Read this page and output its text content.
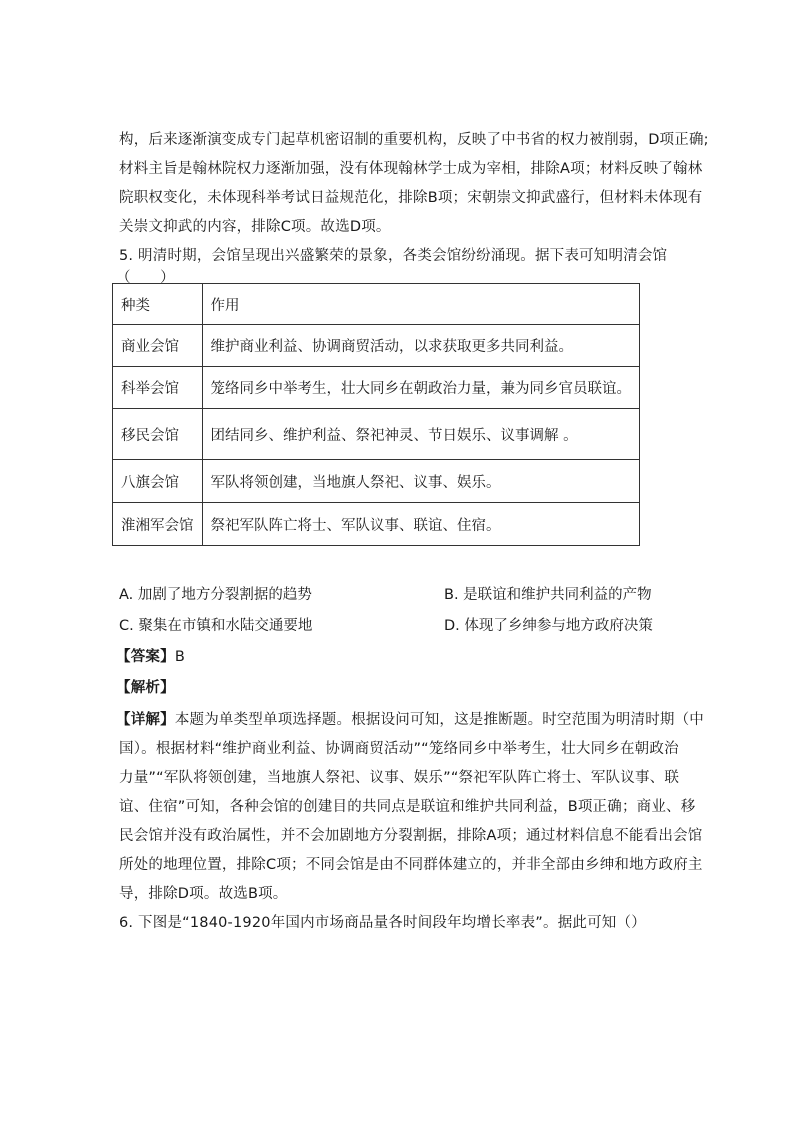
构，后来逐渐演变成专门起草机密诏制的重要机构，反映了中书省的权力被削弱，D项正确;
材料主旨是翰林院权力逐渐加强，没有体现翰林学士成为宰相，排除A项；材料反映了翰林
院职权变化，未体现科举考试日益规范化，排除B项；宋朝崇文抑武盛行，但材料未体现有
关崇文抑武的内容，排除C项。故选D项。
5. 明清时期，会馆呈现出兴盛繁荣的景象，各类会馆纷纷涌现。据下表可知明清会馆
（　　）
种类	作用
商业会馆	维护商业利益、协调商贸活动，以求获取更多共同利益。
科举会馆	笼络同乡中举考生，壮大同乡在朝政治力量，兼为同乡官员联谊。
移民会馆	团结同乡、维护利益、祭祀神灵、节日娱乐、议事调解 。
八旗会馆	军队将领创建，当地旗人祭祀、议事、娱乐。
淮湘军会馆	祭祀军队阵亡将士、军队议事、联谊、住宿。
A. 加剧了地方分裂割据的趋势	B. 是联谊和维护共同利益的产物
C. 聚集在市镇和水陆交通要地	D. 体现了乡绅参与地方政府决策
【答案】B
【解析】
【详解】本题为单类型单项选择题。根据设问可知，这是推断题。时空范围为明清时期（中
国）。根据材料“维护商业利益、协调商贸活动”“笼络同乡中举考生，壮大同乡在朝政治
力量”“军队将领创建，当地旗人祭祀、议事、娱乐”“祭祀军队阵亡将士、军队议事、联
谊、住宿”可知，各种会馆的创建目的共同点是联谊和维护共同利益，B项正确；商业、移
民会馆并没有政治属性，并不会加剧地方分裂割据，排除A项；通过材料信息不能看出会馆
所处的地理位置，排除C项；不同会馆是由不同群体建立的，并非全部由乡绅和地方政府主
导，排除D项。故选B项。
6. 下图是“1840-1920年国内市场商品量各时间段年均增长率表”。据此可知（）
